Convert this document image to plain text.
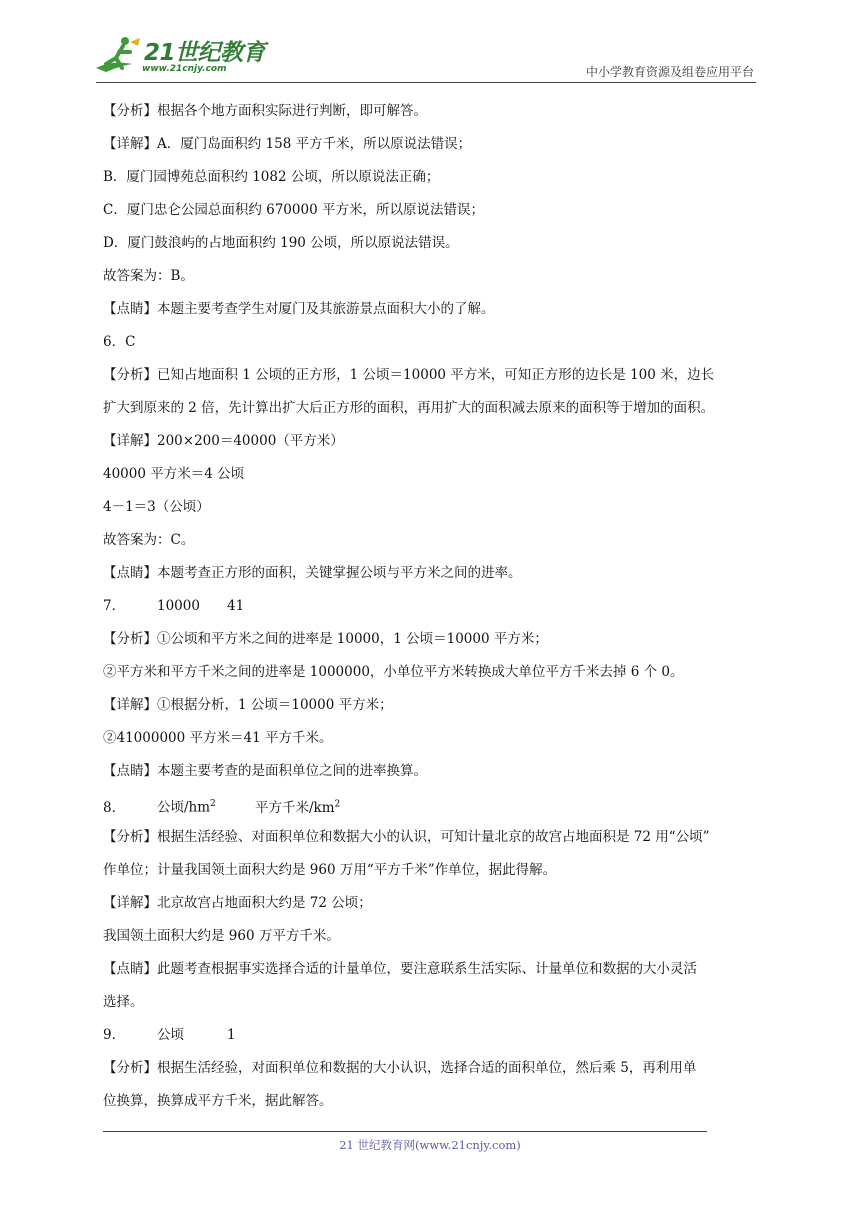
21世纪教育
www.21cnjy.com	中小学教育资源及组卷应用平台
【分析】根据各个地方面积实际进行判断，即可解答。
【详解】A．厦门岛面积约 158 平方千米，所以原说法错误；
B．厦门园博苑总面积约 1082 公顷，所以原说法正确；
C．厦门忠仑公园总面积约 670000 平方米，所以原说法错误；
D．厦门鼓浪屿的占地面积约 190 公顷，所以原说法错误。
故答案为：B。
【点睛】本题主要考查学生对厦门及其旅游景点面积大小的了解。
6．C
【分析】已知占地面积 1 公顷的正方形，1 公顷＝10000 平方米，可知正方形的边长是 100 米，边长
扩大到原来的 2 倍，先计算出扩大后正方形的面积，再用扩大的面积减去原来的面积等于增加的面积。
【详解】200×200＝40000（平方米）
40000 平方米＝4 公顷
4－1＝3（公顷）
故答案为：C。
【点睛】本题考查正方形的面积，关键掌握公顷与平方米之间的进率。
7． 10000 41
【分析】①公顷和平方米之间的进率是 10000，1 公顷＝10000 平方米；
②平方米和平方千米之间的进率是 1000000，小单位平方米转换成大单位平方千米去掉 6 个 0。
【详解】①根据分析，1 公顷＝10000 平方米；
②41000000 平方米＝41 平方千米。
【点睛】本题主要考查的是面积单位之间的进率换算。
8． 公顷$/hm^2$	平方千米$/km^2$
【分析】根据生活经验、对面积单位和数据大小的认识，可知计量北京的故宫占地面积是 72 用“公顷”
作单位；计量我国领土面积大约是 960 万用“平方千米”作单位，据此得解。
【详解】北京故宫占地面积大约是 72 公顷；
我国领土面积大约是 960 万平方千米。
【点睛】此题考查根据事实选择合适的计量单位，要注意联系生活实际、计量单位和数据的大小灵活
选择。
9． 公顷	1
【分析】根据生活经验，对面积单位和数据的大小认识，选择合适的面积单位，然后乘 5，再利用单
位换算，换算成平方千米，据此解答。
21 世纪教育网(www.21cnjy.com)
